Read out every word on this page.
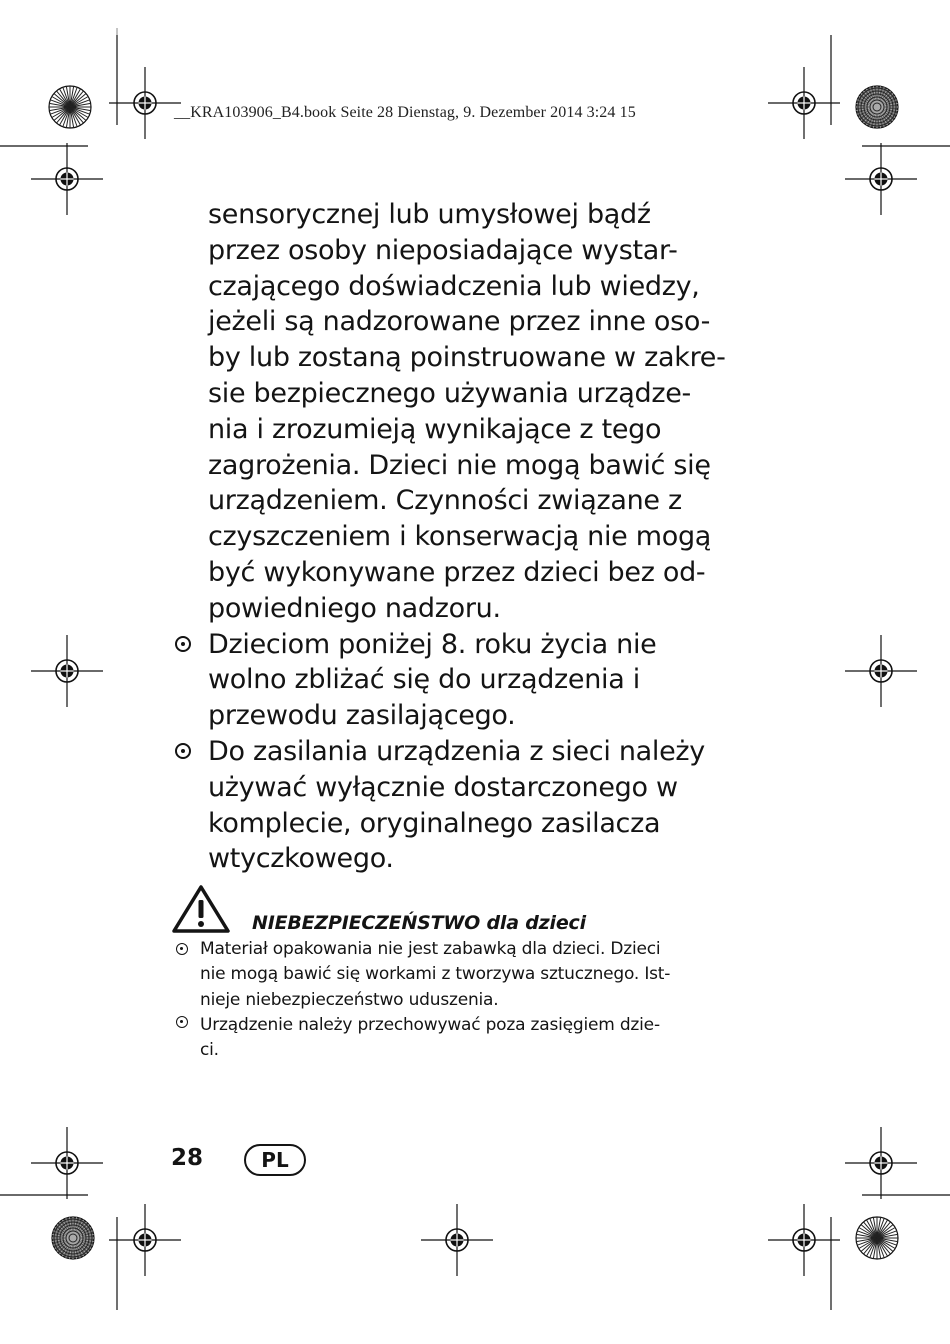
__KRA103906_B4.book Seite 28 Dienstag, 9. Dezember 2014 3:24 15
sensorycznej lub umysłowej bądź
przez osoby nieposiadające wystar-
czającego doświadczenia lub wiedzy,
jeżeli są nadzorowane przez inne oso-
by lub zostaną poinstruowane w zakre-
sie bezpiecznego używania urządze-
nia i zrozumieją wynikające z tego
zagrożenia. Dzieci nie mogą bawić się
urządzeniem. Czynności związane z
czyszczeniem i konserwacją nie mogą
być wykonywane przez dzieci bez od-
powiedniego nadzoru.
Dzieciom poniżej 8. roku życia nie
wolno zbliżać się do urządzenia i
przewodu zasilającego.
Do zasilania urządzenia z sieci należy
używać wyłącznie dostarczonego w
komplecie, oryginalnego zasilacza
wtyczkowego.
NIEBEZPIECZEŃSTWO dla dzieci
Materiał opakowania nie jest zabawką dla dzieci. Dzieci
nie mogą bawić się workami z tworzywa sztucznego. Ist-
nieje niebezpieczeństwo uduszenia.
Urządzenie należy przechowywać poza zasięgiem dzie-
ci.
28	PL
